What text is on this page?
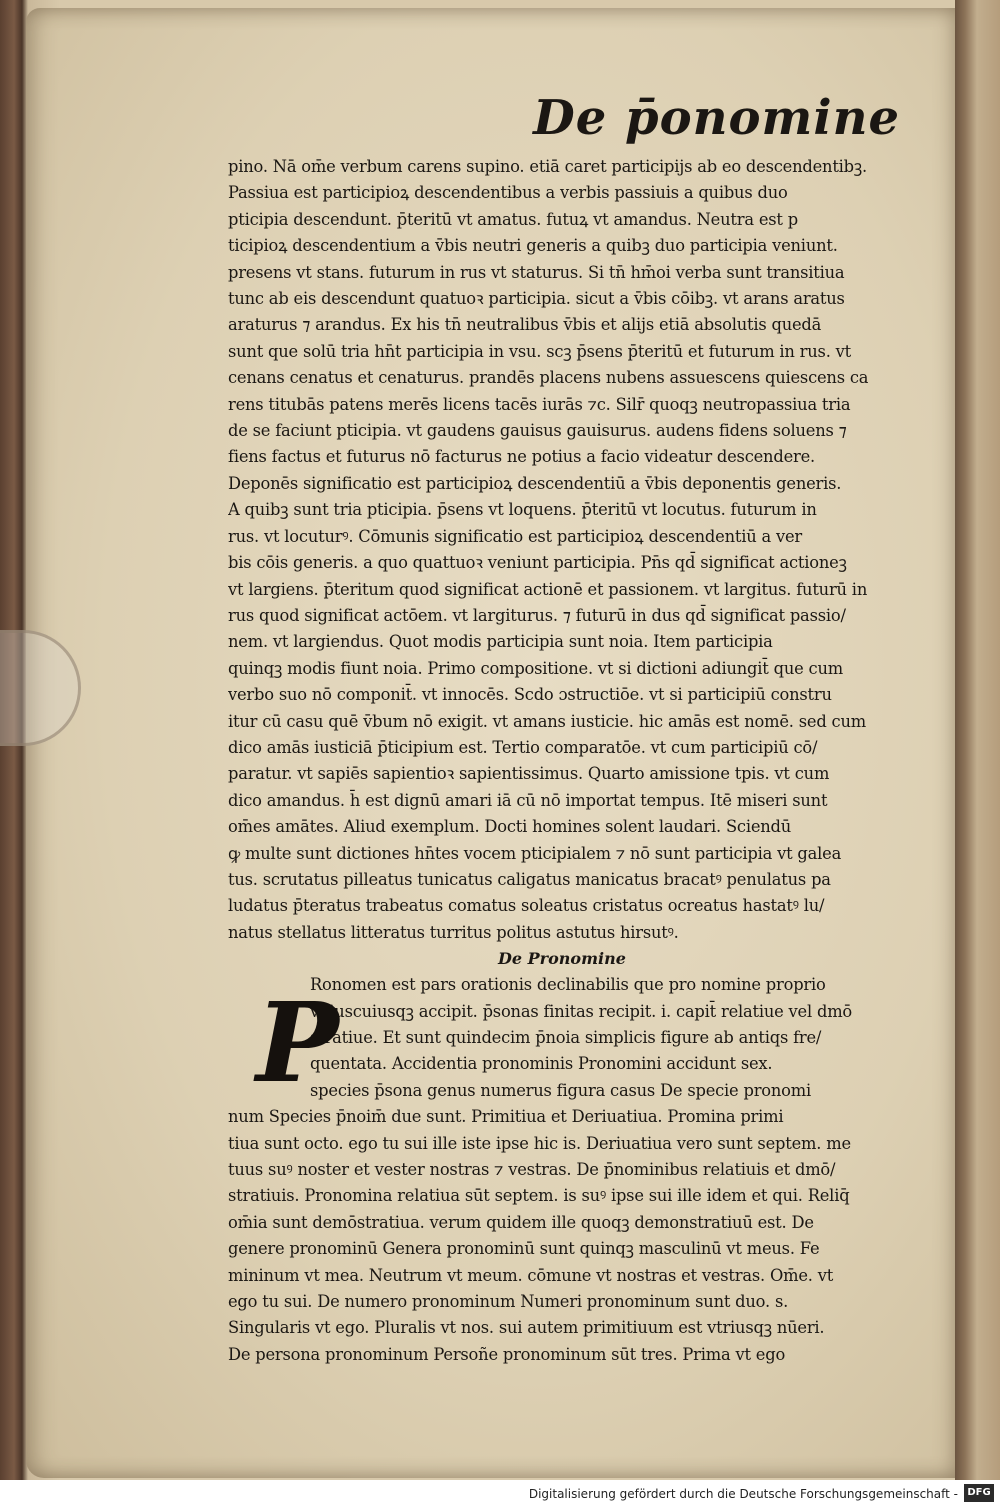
De p̄onomine
pino. Nā om̄e verbum carens supino. etiā caret participijs ab eo descendentibꝫ.
Passiua est participioꝝ descendentibus a verbis passiuis a quibus duo
pticipia descendunt. p̄teritū vt amatus. futuꝝ vt amandus. Neutra est p
ticipioꝝ descendentium a v̄bis neutri generis a quibꝫ duo participia veniunt.
presens vt stans. futurum in rus vt staturus. Si tn̄ hm̄oi verba sunt transitiua
tunc ab eis descendunt quatuoꝛ participia. sicut a v̄bis cōibꝫ. vt arans aratus
araturus ⁊ arandus. Ex his tn̄ neutralibus v̄bis et alijs etiā absolutis quedā
sunt que solū tria hn̄t participia in vsu. scꝫ p̄sens p̄teritū et futurum in rus. vt
cenans cenatus et cenaturus. prandēs placens nubens assuescens quiescens ca
rens titubās patens merēs licens tacēs iurās ⁊c. Silr̄ quoqꝫ neutropassiua tria
de se faciunt pticipia. vt gaudens gauisus gauisurus. audens fidens soluens ⁊
fiens factus et futurus nō facturus ne potius a facio videatur descendere.
Deponēs significatio est participioꝝ descendentiū a v̄bis deponentis generis.
A quibꝫ sunt tria pticipia. p̄sens vt loquens. p̄teritū vt locutus. futurum in
rus. vt locuturꝰ. Cōmunis significatio est participioꝝ descendentiū a ver
bis cōis generis. a quo quattuoꝛ veniunt participia. Pn̄s qd̄ significat actioneꝫ
vt largiens. p̄teritum quod significat actionē et passionem. vt largitus. futurū in
rus quod significat actōem. vt largiturus. ⁊ futurū in dus qd̄ significat passio/
nem. vt largiendus. Quot modis participia sunt noia. Item participia
quinqꝫ modis fiunt noia. Primo compositione. vt si dictioni adiungit̄ que cum
verbo suo nō componit̄. vt innocēs. Scdo ɔstructiōe. vt si participiū constru
itur cū casu quē v̄bum nō exigit. vt amans iusticie. hic amās est nomē. sed cum
dico amās iusticiā p̄ticipium est. Tertio comparatōe. vt cum participiū cō/
paratur. vt sapiēs sapientioꝛ sapientissimus. Quarto amissione tpis. vt cum
dico amandus. h̄ est dignū amari iā cū nō importat tempus. Itē miseri sunt
om̄es amātes. Aliud exemplum. Docti homines solent laudari. Sciendū
ꝙ multe sunt dictiones hn̄tes vocem pticipialem ⁊ nō sunt participia vt galea
tus. scrutatus pilleatus tunicatus caligatus manicatus bracatꝰ penulatus pa
ludatus p̄teratus trabeatus comatus soleatus cristatus ocreatus hastatꝰ lu/
natus stellatus litteratus turritus politus astutus hirsutꝰ.
De Pronomine
P
Ronomen est pars orationis declinabilis que pro nomine proprio
vniuscuiusqꝫ accipit. p̄sonas finitas recipit. i. capit̄ relatiue vel dmō
stratiue. Et sunt quindecim p̄noia simplicis figure ab antiqs fre/
quentata. Accidentia pronominis Pronomini accidunt sex.
species p̄sona genus numerus figura casus De specie pronomi
num Species p̄noim̄ due sunt. Primitiua et Deriuatiua. Promina primi
tiua sunt octo. ego tu sui ille iste ipse hic is. Deriuatiua vero sunt septem. me
tuus suꝰ noster et vester nostras ⁊ vestras. De p̄nominibus relatiuis et dmō/
stratiuis. Pronomina relatiua sūt septem. is suꝰ ipse sui ille idem et qui. Reliq̄
om̄ia sunt demōstratiua. verum quidem ille quoqꝫ demonstratiuū est. De
genere pronominū Genera pronominū sunt quinqꝫ masculinū vt meus. Fe
mininum vt mea. Neutrum vt meum. cōmune vt nostras et vestras. Om̄e. vt
ego tu sui. De numero pronominum Numeri pronominum sunt duo. s.
Singularis vt ego. Pluralis vt nos. sui autem primitiuum est vtriusqꝫ nūeri.
De persona pronominum Persoñe pronominum sūt tres. Prima vt ego
Digitalisierung gefördert durch die Deutsche Forschungsgemeinschaft - DFG
